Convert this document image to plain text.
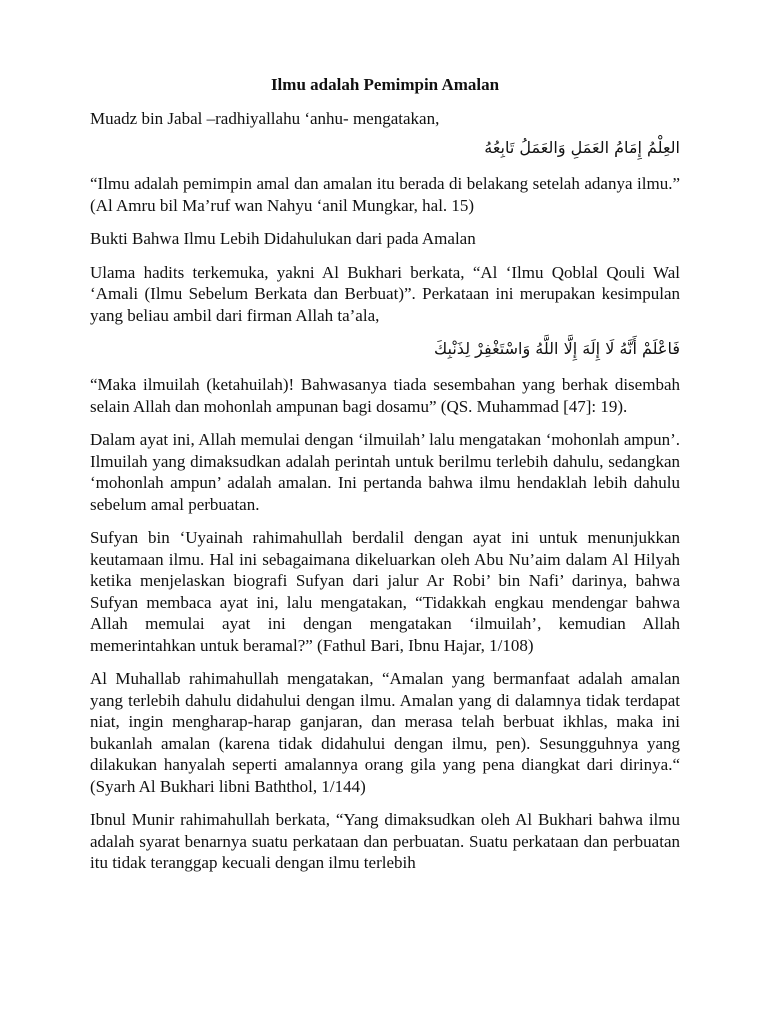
Ilmu adalah Pemimpin Amalan

Muadz bin Jabal –radhiyallahu ‘anhu- mengatakan,

العِلْمُ إِمَامُ العَمَلِ وَالعَمَلُ تَابِعُهُ

“Ilmu adalah pemimpin amal dan amalan itu berada di belakang setelah adanya ilmu.” (Al Amru bil Ma’ruf wan Nahyu ‘anil Mungkar, hal. 15)

Bukti Bahwa Ilmu Lebih Didahulukan dari pada Amalan

Ulama hadits terkemuka, yakni Al Bukhari berkata, “Al ‘Ilmu Qoblal Qouli Wal ‘Amali (Ilmu Sebelum Berkata dan Berbuat)”. Perkataan ini merupakan kesimpulan yang beliau ambil dari firman Allah ta’ala,

فَاعْلَمْ أَنَّهُ لَا إِلَهَ إِلَّا اللَّهُ وَاسْتَغْفِرْ لِذَنْبِكَ

“Maka ilmuilah (ketahuilah)! Bahwasanya tiada sesembahan yang berhak disembah selain Allah dan mohonlah ampunan bagi dosamu” (QS. Muhammad [47]: 19).

Dalam ayat ini, Allah memulai dengan ‘ilmuilah’ lalu mengatakan ‘mohonlah ampun’. Ilmuilah yang dimaksudkan adalah perintah untuk berilmu terlebih dahulu, sedangkan ‘mohonlah ampun’ adalah amalan. Ini pertanda bahwa ilmu hendaklah lebih dahulu sebelum amal perbuatan.

Sufyan bin ‘Uyainah rahimahullah berdalil dengan ayat ini untuk menunjukkan keutamaan ilmu. Hal ini sebagaimana dikeluarkan oleh Abu Nu’aim dalam Al Hilyah ketika menjelaskan biografi Sufyan dari jalur Ar Robi’ bin Nafi’ darinya, bahwa Sufyan membaca ayat ini, lalu mengatakan, “Tidakkah engkau mendengar bahwa Allah memulai ayat ini dengan mengatakan ‘ilmuilah’, kemudian Allah memerintahkan untuk beramal?” (Fathul Bari, Ibnu Hajar, 1/108)

Al Muhallab rahimahullah mengatakan, “Amalan yang bermanfaat adalah amalan yang terlebih dahulu didahului dengan ilmu. Amalan yang di dalamnya tidak terdapat niat, ingin mengharap-harap ganjaran, dan merasa telah berbuat ikhlas, maka ini bukanlah amalan (karena tidak didahului dengan ilmu, pen). Sesungguhnya yang dilakukan hanyalah seperti amalannya orang gila yang pena diangkat dari dirinya.“ (Syarh Al Bukhari libni Baththol, 1/144)

Ibnul Munir rahimahullah berkata, “Yang dimaksudkan oleh Al Bukhari bahwa ilmu adalah syarat benarnya suatu perkataan dan perbuatan. Suatu perkataan dan perbuatan itu tidak teranggap kecuali dengan ilmu terlebih
